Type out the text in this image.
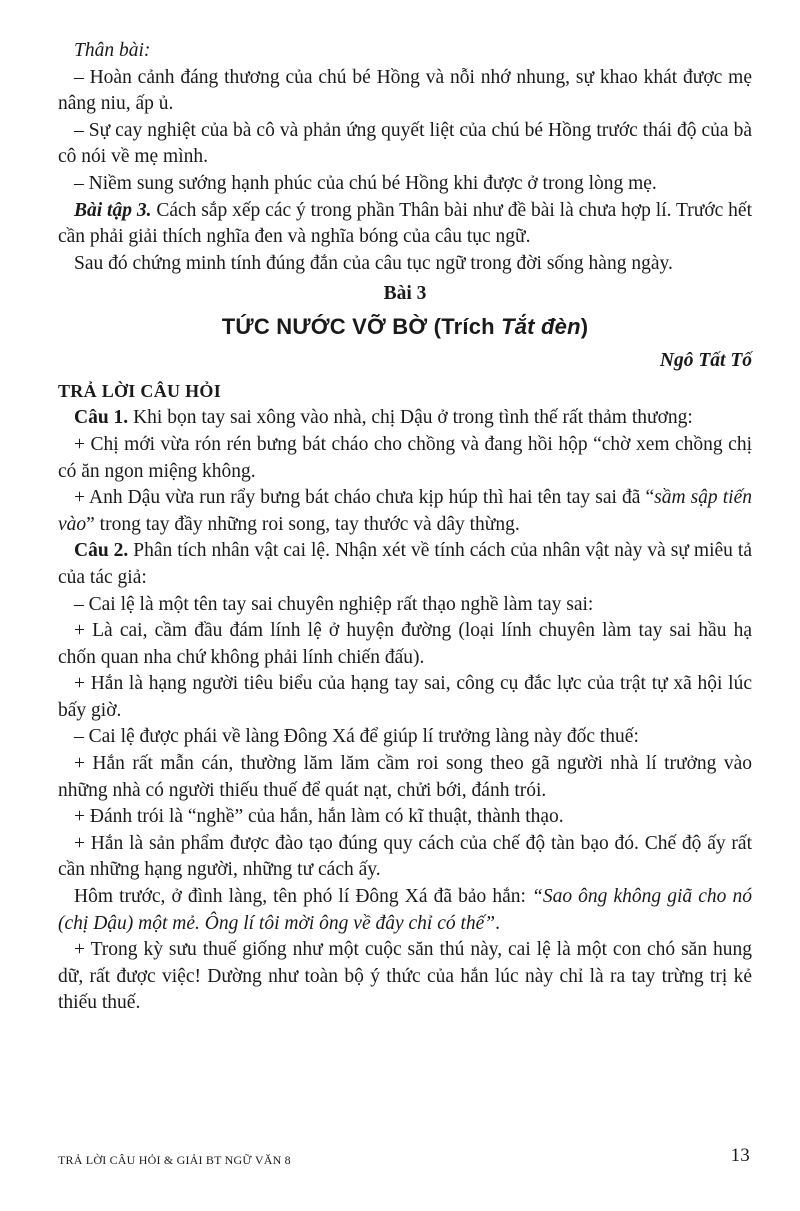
Thân bài:

– Hoàn cảnh đáng thương của chú bé Hồng và nỗi nhớ nhung, sự khao khát được mẹ nâng niu, ấp ủ.

– Sự cay nghiệt của bà cô và phản ứng quyết liệt của chú bé Hồng trước thái độ của bà cô nói về mẹ mình.

– Niềm sung sướng hạnh phúc của chú bé Hồng khi được ở trong lòng mẹ.

Bài tập 3. Cách sắp xếp các ý trong phần Thân bài như đề bài là chưa hợp lí. Trước hết cần phải giải thích nghĩa đen và nghĩa bóng của câu tục ngữ.

Sau đó chứng minh tính đúng đắn của câu tục ngữ trong đời sống hàng ngày.

Bài 3
TỨC NƯỚC VỠ BỜ (Trích Tắt đèn)
Ngô Tất Tố

TRẢ LỜI CÂU HỎI

Câu 1. Khi bọn tay sai xông vào nhà, chị Dậu ở trong tình thế rất thảm thương:

+ Chị mới vừa rón rén bưng bát cháo cho chồng và đang hồi hộp “chờ xem chồng chị có ăn ngon miệng không.

+ Anh Dậu vừa run rẩy bưng bát cháo chưa kịp húp thì hai tên tay sai đã “sầm sập tiến vào” trong tay đầy những roi song, tay thước và dây thừng.

Câu 2. Phân tích nhân vật cai lệ. Nhận xét về tính cách của nhân vật này và sự miêu tả của tác giả:

– Cai lệ là một tên tay sai chuyên nghiệp rất thạo nghề làm tay sai:

+ Là cai, cầm đầu đám lính lệ ở huyện đường (loại lính chuyên làm tay sai hầu hạ chốn quan nha chứ không phải lính chiến đấu).

+ Hắn là hạng người tiêu biểu của hạng tay sai, công cụ đắc lực của trật tự xã hội lúc bấy giờ.

– Cai lệ được phái về làng Đông Xá để giúp lí trưởng làng này đốc thuế:

+ Hắn rất mẫn cán, thường lăm lăm cầm roi song theo gã người nhà lí trưởng vào những nhà có người thiếu thuế để quát nạt, chửi bới, đánh trói.

+ Đánh trói là “nghề” của hắn, hắn làm có kĩ thuật, thành thạo.

+ Hắn là sản phẩm được đào tạo đúng quy cách của chế độ tàn bạo đó. Chế độ ấy rất cần những hạng người, những tư cách ấy.

Hôm trước, ở đình làng, tên phó lí Đông Xá đã bảo hắn: “Sao ông không giã cho nó (chị Dậu) một mẻ. Ông lí tôi mời ông về đây chỉ có thế”.

+ Trong kỳ sưu thuế giống như một cuộc săn thú này, cai lệ là một con chó săn hung dữ, rất được việc! Dường như toàn bộ ý thức của hắn lúc này chỉ là ra tay trừng trị kẻ thiếu thuế.

TRẢ LỜI CÂU HỎI & GIẢI BT NGỮ VĂN 8	13
